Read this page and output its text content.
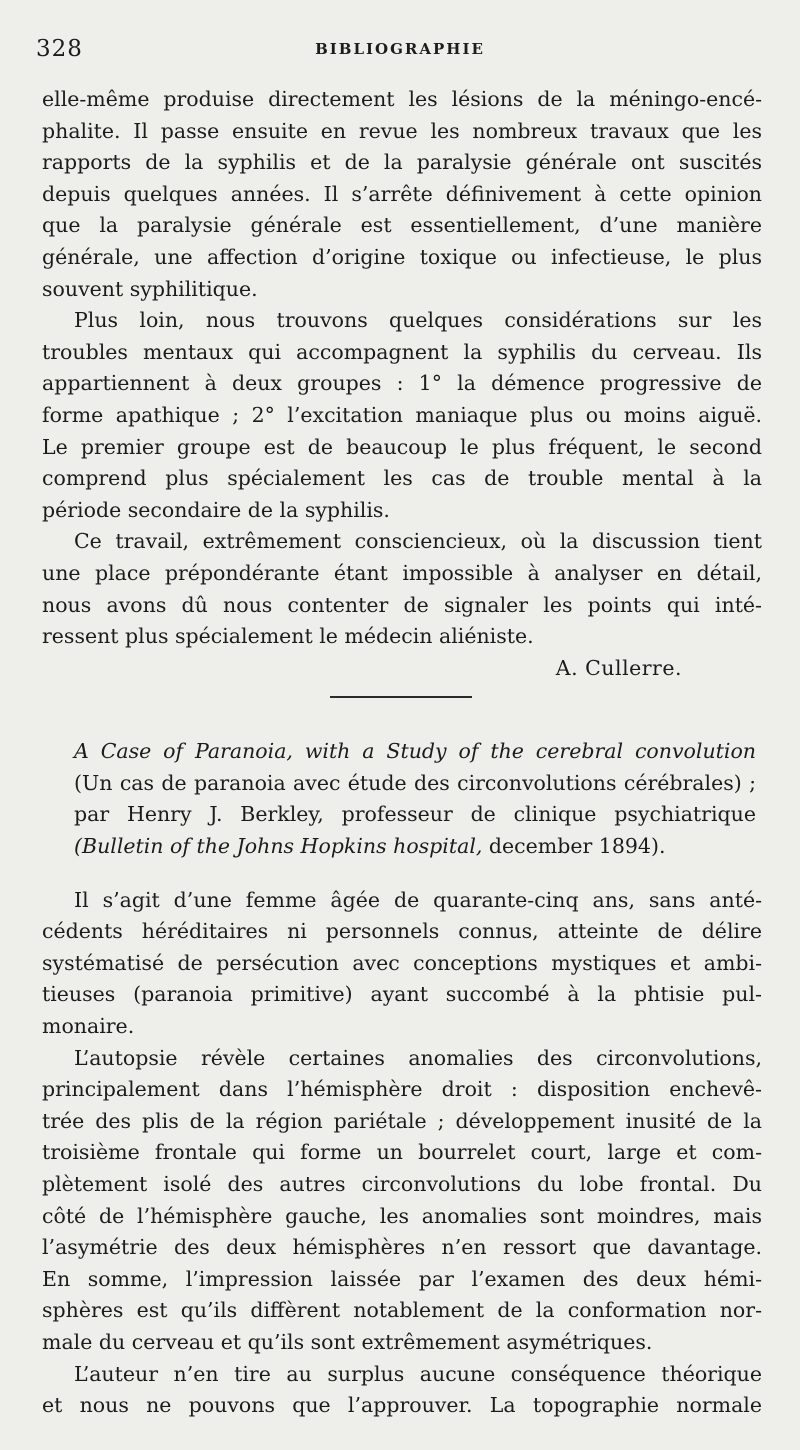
328	BIBLIOGRAPHIE
elle-même produise directement les lésions de la méningo-encé-
phalite. Il passe ensuite en revue les nombreux travaux que les
rapports de la syphilis et de la paralysie générale ont suscités
depuis quelques années. Il s’arrête définivement à cette opinion
que la paralysie générale est essentiellement, d’une manière
générale, une affection d’origine toxique ou infectieuse, le plus
souvent syphilitique.
Plus loin, nous trouvons quelques considérations sur les
troubles mentaux qui accompagnent la syphilis du cerveau. Ils
appartiennent à deux groupes : 1° la démence progressive de
forme apathique ; 2° l’excitation maniaque plus ou moins aiguë.
Le premier groupe est de beaucoup le plus fréquent, le second
comprend plus spécialement les cas de trouble mental à la
période secondaire de la syphilis.
Ce travail, extrêmement consciencieux, où la discussion tient
une place prépondérante étant impossible à analyser en détail,
nous avons dû nous contenter de signaler les points qui inté-
ressent plus spécialement le médecin aliéniste.
A. Cullerre.
A Case of Paranoia, with a Study of the cerebral convolution
(Un cas de paranoia avec étude des circonvolutions cérébrales) ;
par Henry J. Berkley, professeur de clinique psychiatrique
(Bulletin of the Johns Hopkins hospital, december 1894).
Il s’agit d’une femme âgée de quarante-cinq ans, sans anté-
cédents héréditaires ni personnels connus, atteinte de délire
systématisé de persécution avec conceptions mystiques et ambi-
tieuses (paranoia primitive) ayant succombé à la phtisie pul-
monaire.
L’autopsie révèle certaines anomalies des circonvolutions,
principalement dans l’hémisphère droit : disposition enchevê-
trée des plis de la région pariétale ; développement inusité de la
troisième frontale qui forme un bourrelet court, large et com-
plètement isolé des autres circonvolutions du lobe frontal. Du
côté de l’hémisphère gauche, les anomalies sont moindres, mais
l’asymétrie des deux hémisphères n’en ressort que davantage.
En somme, l’impression laissée par l’examen des deux hémi-
sphères est qu’ils diffèrent notablement de la conformation nor-
male du cerveau et qu’ils sont extrêmement asymétriques.
L’auteur n’en tire au surplus aucune conséquence théorique
et nous ne pouvons que l’approuver. La topographie normale
